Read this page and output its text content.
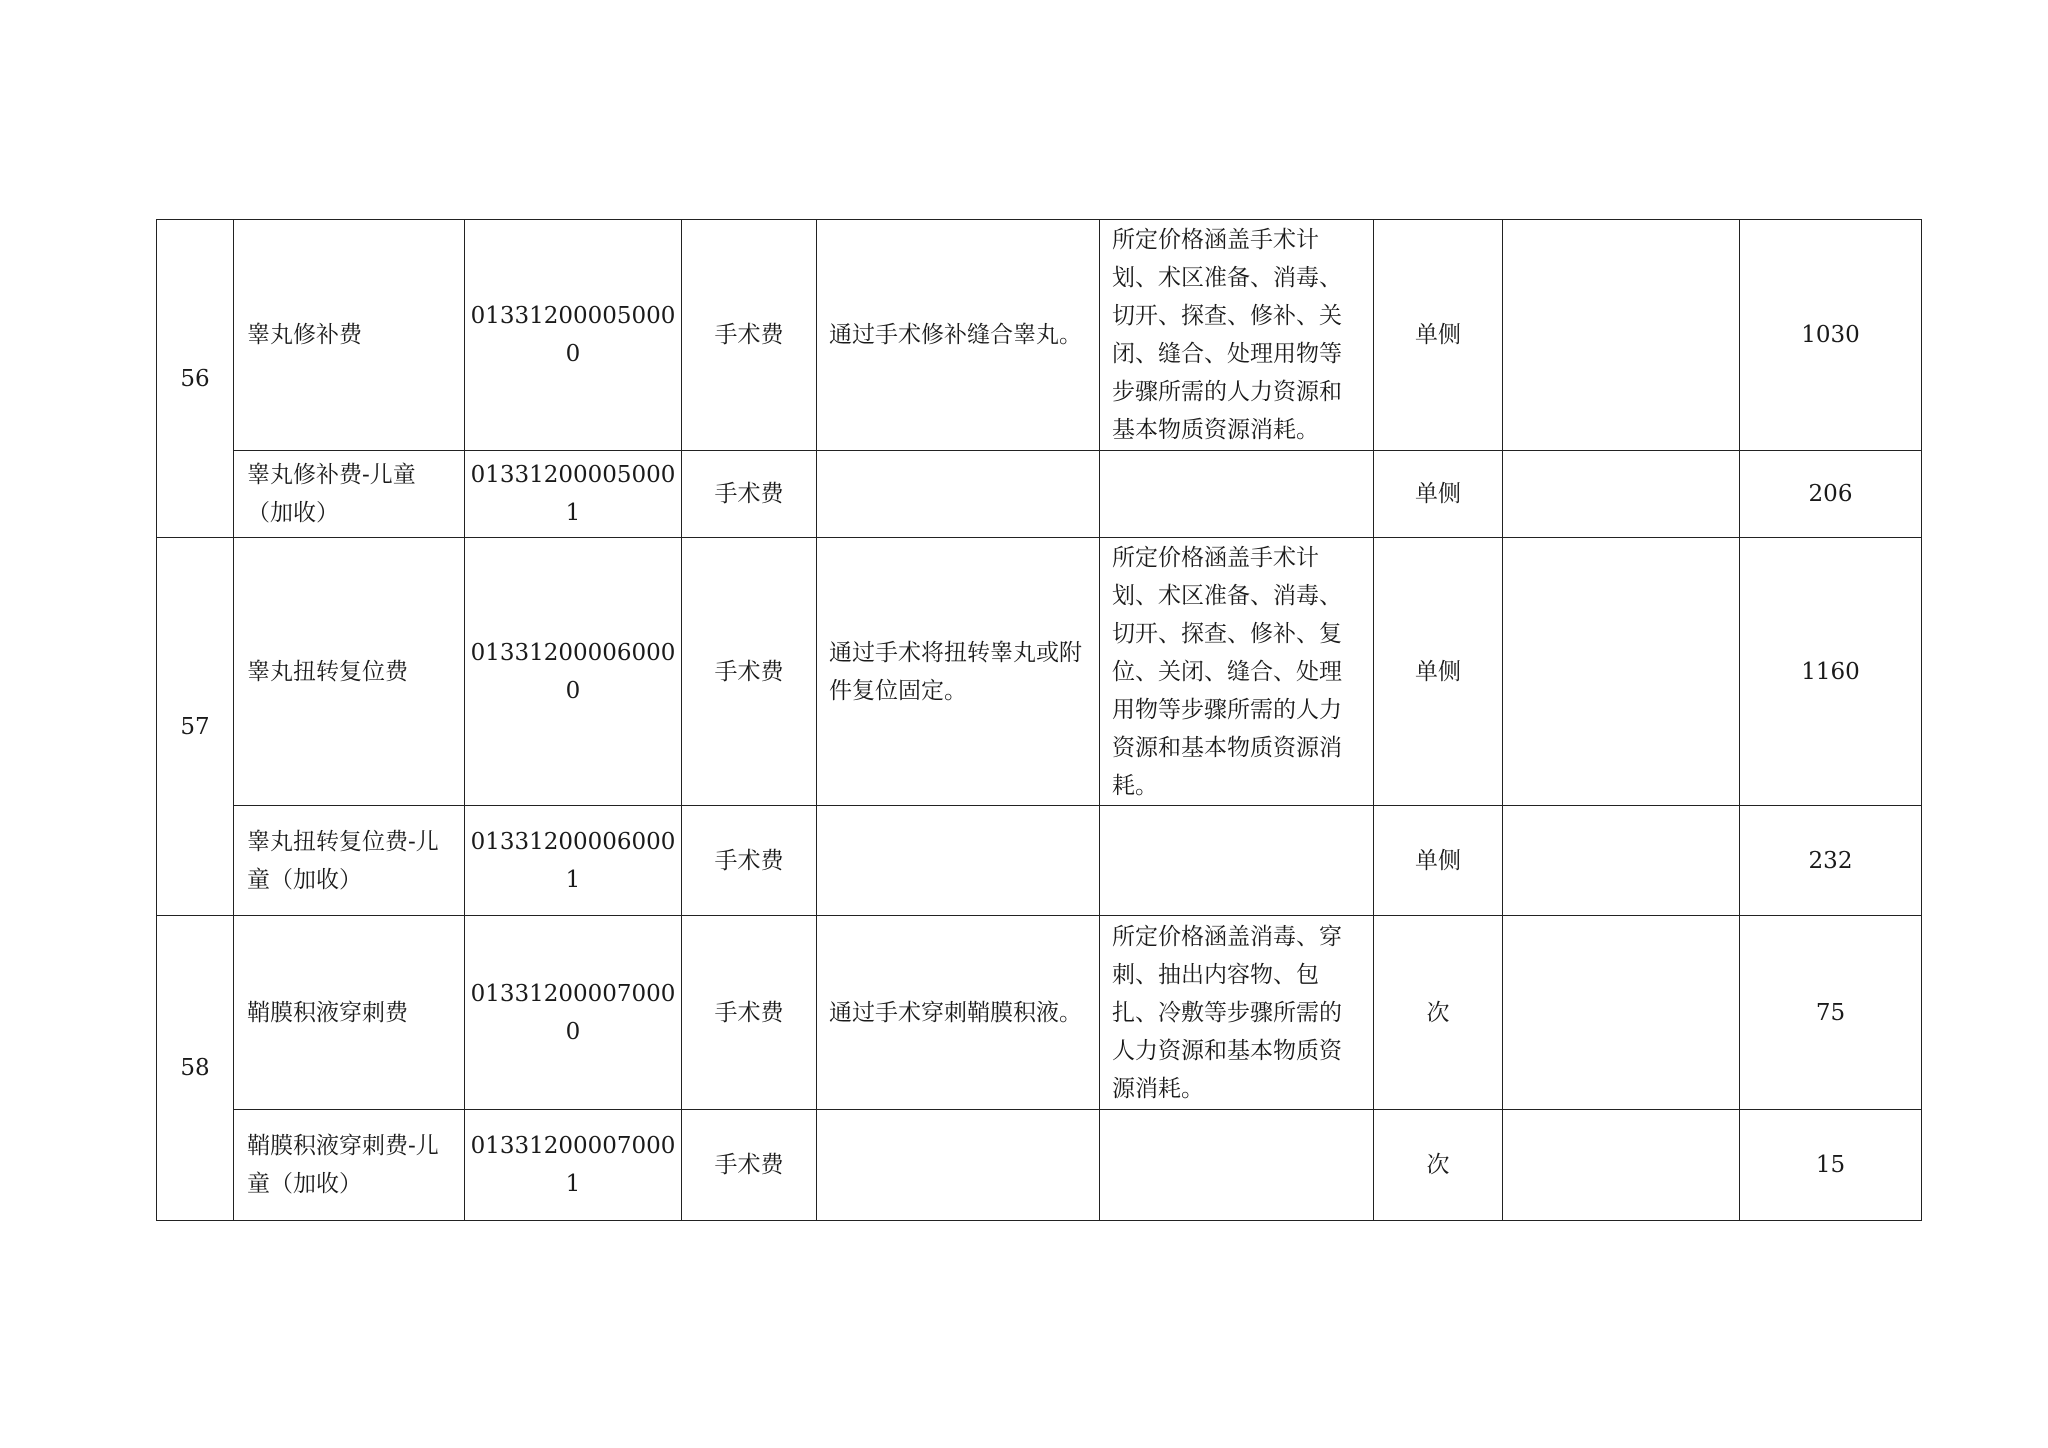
56	睾丸修补费	013312000050000	手术费	通过手术修补缝合睾丸。	所定价格涵盖手术计划、术区准备、消毒、切开、探查、修补、关闭、缝合、处理用物等步骤所需的人力资源和基本物质资源消耗。	单侧		1030
	睾丸修补费-儿童（加收）	013312000050001	手术费			单侧		206
57	睾丸扭转复位费	013312000060000	手术费	通过手术将扭转睾丸或附件复位固定。	所定价格涵盖手术计划、术区准备、消毒、切开、探查、修补、复位、关闭、缝合、处理用物等步骤所需的人力资源和基本物质资源消耗。	单侧		1160
	睾丸扭转复位费-儿童（加收）	013312000060001	手术费			单侧		232
58	鞘膜积液穿刺费	013312000070000	手术费	通过手术穿刺鞘膜积液。	所定价格涵盖消毒、穿刺、抽出内容物、包扎、冷敷等步骤所需的人力资源和基本物质资源消耗。	次		75
	鞘膜积液穿刺费-儿童（加收）	013312000070001	手术费			次		15
